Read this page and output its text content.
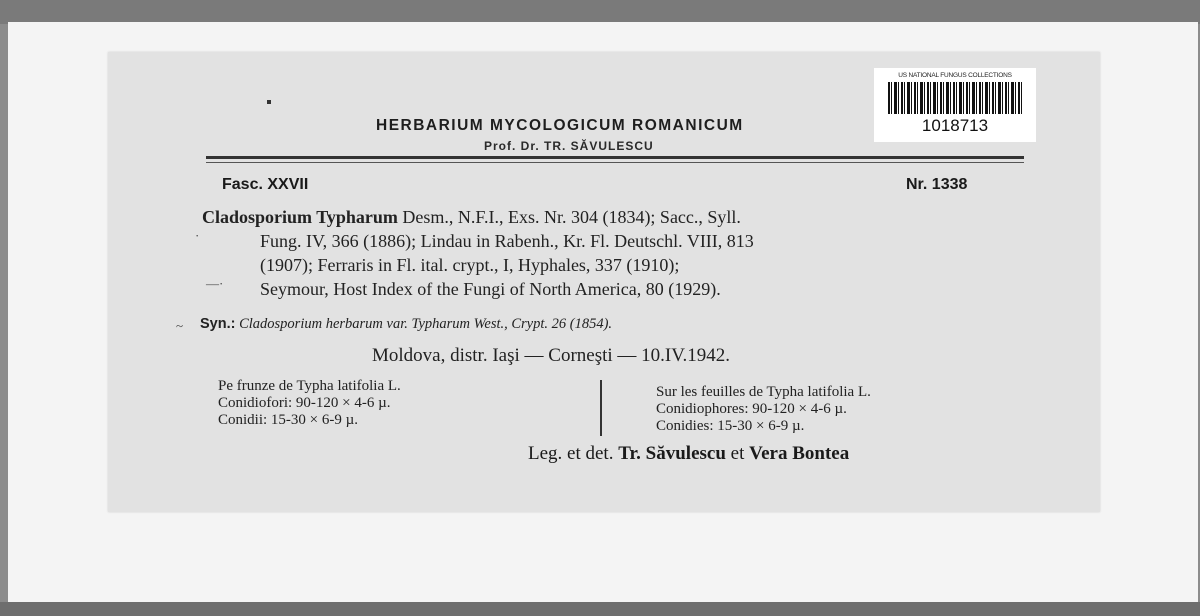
US NATIONAL FUNGUS COLLECTIONS
1018713
HERBARIUM MYCOLOGICUM ROMANICUM
Prof. Dr. TR. SĂVULESCU
Fasc. XXVII	Nr. 1338
Cladosporium Typharum Desm., N.F.I., Exs. Nr. 304 (1834); Sacc., Syll.
Fung. IV, 366 (1886); Lindau in Rabenh., Kr. Fl. Deutschl. VIII, 813
(1907); Ferraris in Fl. ital. crypt., I, Hyphales, 337 (1910);
Seymour, Host Index of the Fungi of North America, 80 (1929).
·
—·
~ Syn.: Cladosporium herbarum var. Typharum West., Crypt. 26 (1854).
Moldova, distr. Iaşi — Corneşti — 10.IV.1942.
Pe frunze de Typha latifolia L.
Conidiofori: 90-120 × 4-6 µ.
Conidii: 15-30 × 6-9 µ.
Sur les feuilles de Typha latifolia L.
Conidiophores: 90-120 × 4-6 µ.
Conidies: 15-30 × 6-9 µ.
Leg. et det. Tr. Săvulescu et Vera Bontea
